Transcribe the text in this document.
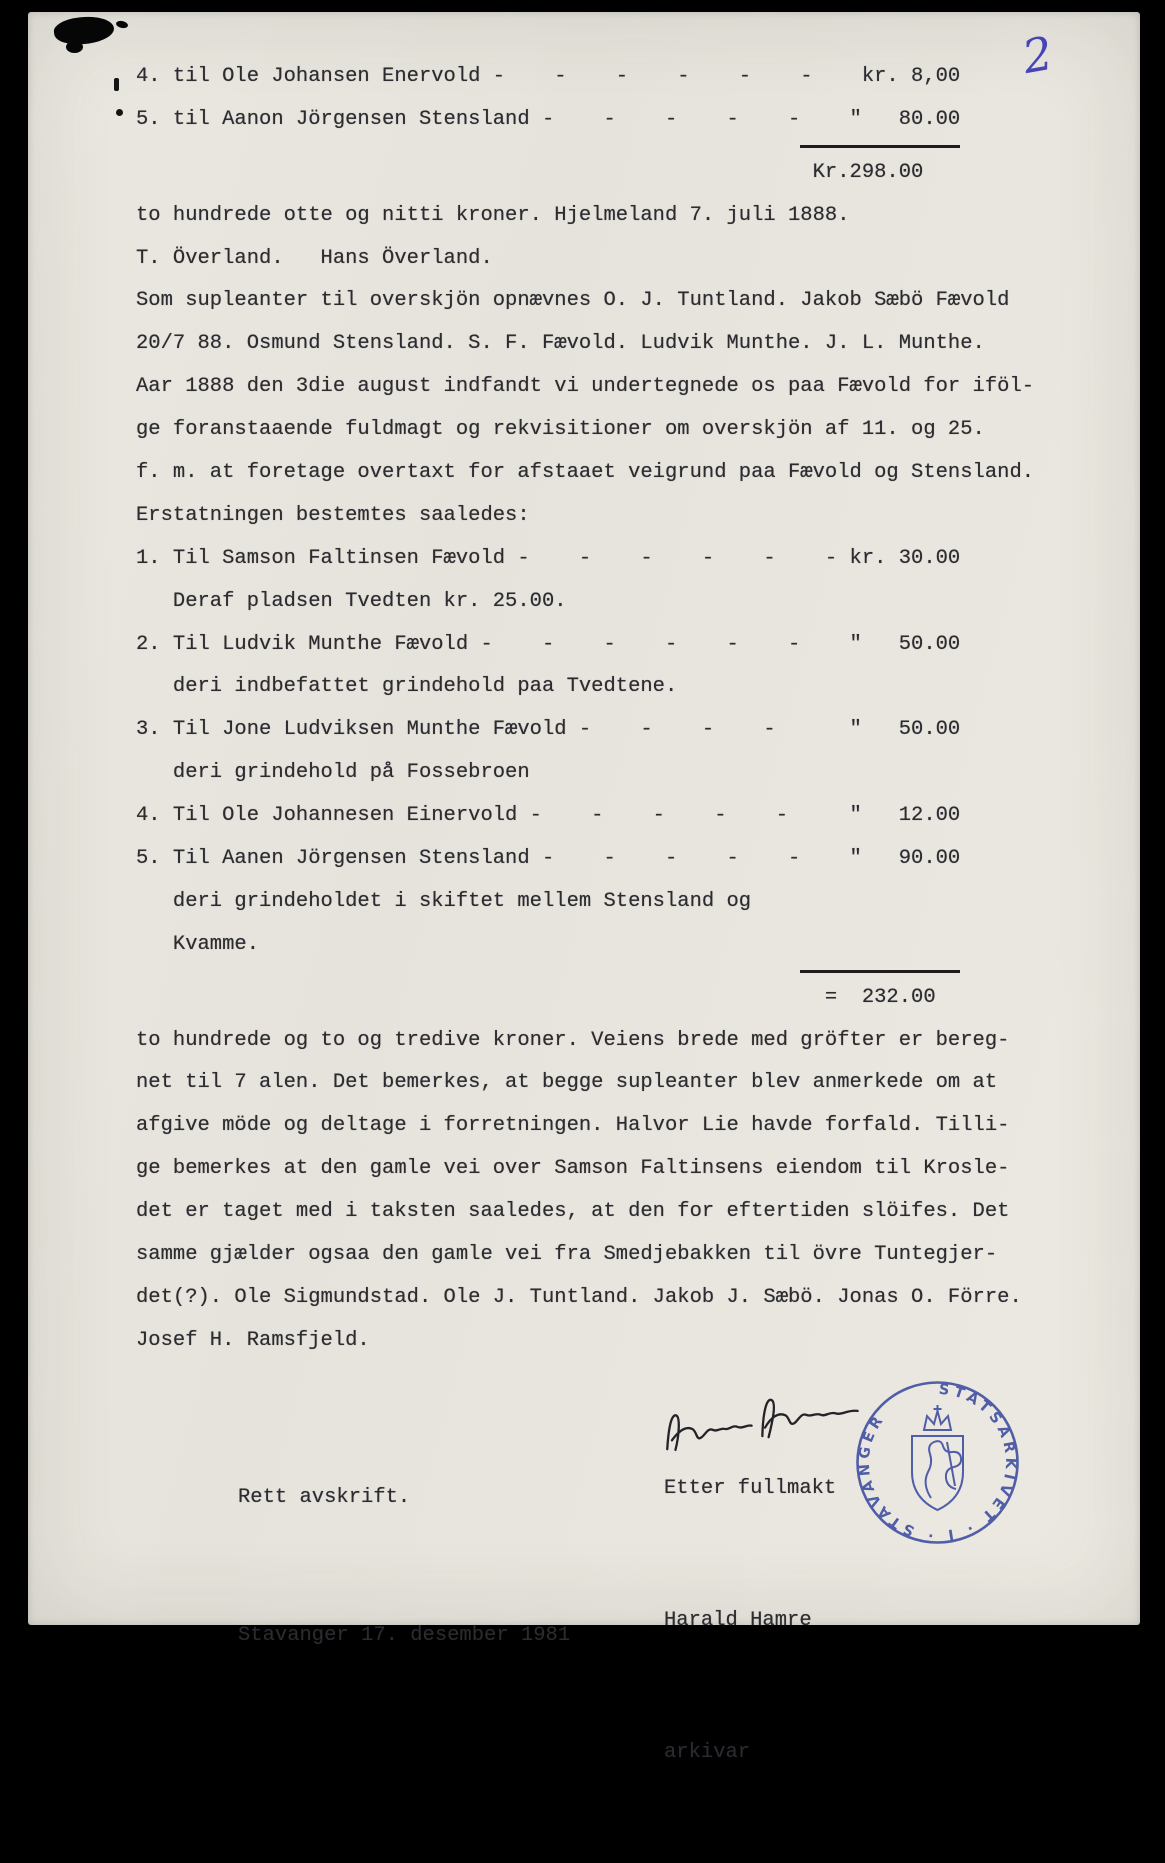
2
4. til Ole Johansen Enervold -    -    -    -    -    -    kr. 8,00
5. til Aanon Jörgensen Stensland -    -    -    -    -    "   80.00
Kr.298.00
to hundrede otte og nitti kroner. Hjelmeland 7. juli 1888.
T. Överland.   Hans Överland.
Som supleanter til overskjön opnævnes O. J. Tuntland. Jakob Sæbö Fævold
20/7 88. Osmund Stensland. S. F. Fævold. Ludvik Munthe. J. L. Munthe.
Aar 1888 den 3die august indfandt vi undertegnede os paa Fævold for iföl-
ge foranstaaende fuldmagt og rekvisitioner om overskjön af 11. og 25.
f. m. at foretage overtaxt for afstaaet veigrund paa Fævold og Stensland.
Erstatningen bestemtes saaledes:
1. Til Samson Faltinsen Fævold -    -    -    -    -    - kr. 30.00
Deraf pladsen Tvedten kr. 25.00.
2. Til Ludvik Munthe Fævold -    -    -    -    -    -    "   50.00
deri indbefattet grindehold paa Tvedtene.
3. Til Jone Ludviksen Munthe Fævold -    -    -    -      "   50.00
deri grindehold på Fossebroen
4. Til Ole Johannesen Einervold -    -    -    -    -     "   12.00
5. Til Aanen Jörgensen Stensland -    -    -    -    -    "   90.00
deri grindeholdet i skiftet mellem Stensland og
Kvamme.
=  232.00
to hundrede og to og tredive kroner. Veiens brede med gröfter er bereg-
net til 7 alen. Det bemerkes, at begge supleanter blev anmerkede om at
afgive möde og deltage i forretningen. Halvor Lie havde forfald. Tilli-
ge bemerkes at den gamle vei over Samson Faltinsens eiendom til Krosle-
det er taget med i taksten saaledes, at den for eftertiden slöifes. Det
samme gjælder ogsaa den gamle vei fra Smedjebakken til övre Tuntegjer-
det(?). Ole Sigmundstad. Ole J. Tuntland. Jakob J. Sæbö. Jonas O. Förre.
Josef H. Ramsfjeld.

Rett avskrift.

Stavanger 17. desember 1981

Etter fullmakt

Harald Hamre

arkivar

STATSARKIVET · I · STAVANGER
